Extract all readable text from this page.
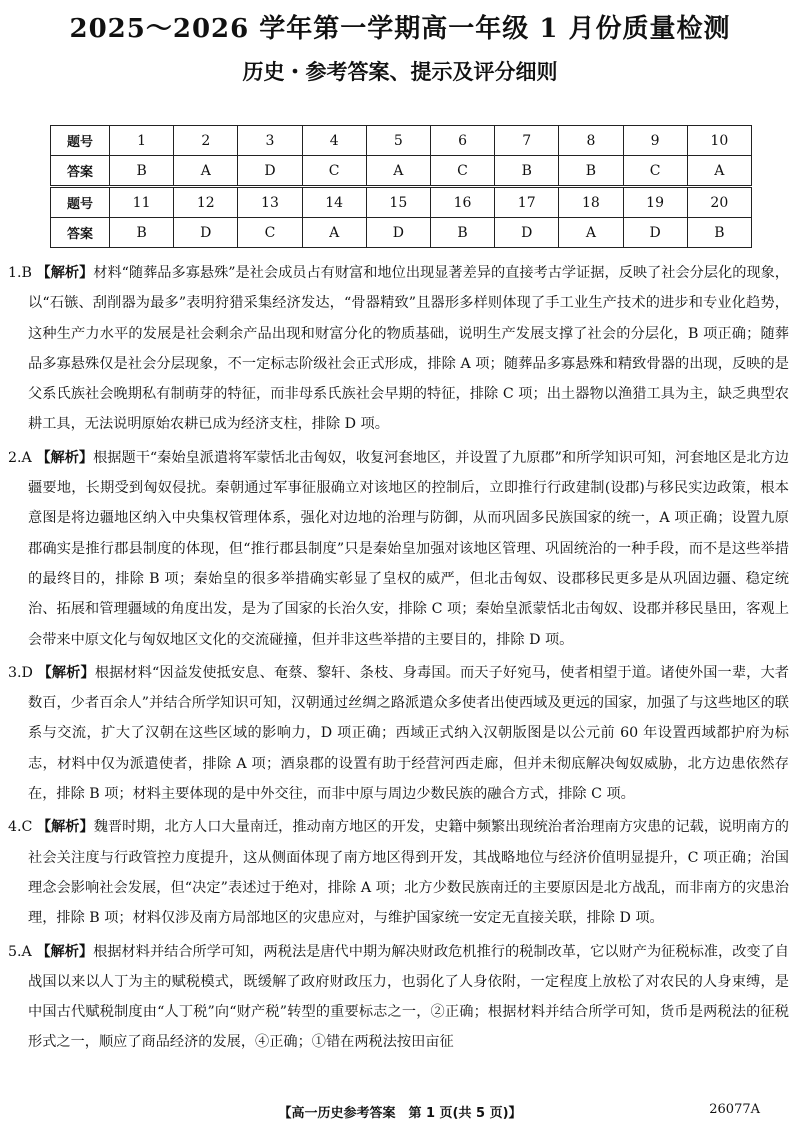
2025～2026 学年第一学期高一年级 1 月份质量检测
历史・参考答案、提示及评分细则
题号	1	2	3	4	5	6	7	8	9	10
答案	B	A	D	C	A	C	B	B	C	A
题号	11	12	13	14	15	16	17	18	19	20
答案	B	D	C	A	D	B	D	A	D	B
1.B 【解析】材料“随葬品多寡悬殊”是社会成员占有财富和地位出现显著差异的直接考古学证据，反映了社会分层化的现象，以“石镞、刮削器为最多”表明狩猎采集经济发达，“骨器精致”且器形多样则体现了手工业生产技术的进步和专业化趋势，这种生产力水平的发展是社会剩余产品出现和财富分化的物质基础，说明生产发展支撑了社会的分层化，B 项正确；随葬品多寡悬殊仅是社会分层现象，不一定标志阶级社会正式形成，排除 A 项；随葬品多寡悬殊和精致骨器的出现，反映的是父系氏族社会晚期私有制萌芽的特征，而非母系氏族社会早期的特征，排除 C 项；出土器物以渔猎工具为主，缺乏典型农耕工具，无法说明原始农耕已成为经济支柱，排除 D 项。
2.A 【解析】根据题干“秦始皇派遣将军蒙恬北击匈奴，收复河套地区，并设置了九原郡”和所学知识可知，河套地区是北方边疆要地，长期受到匈奴侵扰。秦朝通过军事征服确立对该地区的控制后，立即推行行政建制(设郡)与移民实边政策，根本意图是将边疆地区纳入中央集权管理体系，强化对边地的治理与防御，从而巩固多民族国家的统一，A 项正确；设置九原郡确实是推行郡县制度的体现，但“推行郡县制度”只是秦始皇加强对该地区管理、巩固统治的一种手段，而不是这些举措的最终目的，排除 B 项；秦始皇的很多举措确实彰显了皇权的威严，但北击匈奴、设郡移民更多是从巩固边疆、稳定统治、拓展和管理疆域的角度出发，是为了国家的长治久安，排除 C 项；秦始皇派蒙恬北击匈奴、设郡并移民垦田，客观上会带来中原文化与匈奴地区文化的交流碰撞，但并非这些举措的主要目的，排除 D 项。
3.D 【解析】根据材料“因益发使抵安息、奄蔡、黎轩、条枝、身毒国。而天子好宛马，使者相望于道。诸使外国一辈，大者数百，少者百余人”并结合所学知识可知，汉朝通过丝绸之路派遣众多使者出使西域及更远的国家，加强了与这些地区的联系与交流，扩大了汉朝在这些区域的影响力，D 项正确；西域正式纳入汉朝版图是以公元前 60 年设置西域都护府为标志，材料中仅为派遣使者，排除 A 项；酒泉郡的设置有助于经营河西走廊，但并未彻底解决匈奴威胁，北方边患依然存在，排除 B 项；材料主要体现的是中外交往，而非中原与周边少数民族的融合方式，排除 C 项。
4.C 【解析】魏晋时期，北方人口大量南迁，推动南方地区的开发，史籍中频繁出现统治者治理南方灾患的记载，说明南方的社会关注度与行政管控力度提升，这从侧面体现了南方地区得到开发，其战略地位与经济价值明显提升，C 项正确；治国理念会影响社会发展，但“决定”表述过于绝对，排除 A 项；北方少数民族南迁的主要原因是北方战乱，而非南方的灾患治理，排除 B 项；材料仅涉及南方局部地区的灾患应对，与维护国家统一安定无直接关联，排除 D 项。
5.A 【解析】根据材料并结合所学可知，两税法是唐代中期为解决财政危机推行的税制改革，它以财产为征税标准，改变了自战国以来以人丁为主的赋税模式，既缓解了政府财政压力，也弱化了人身依附，一定程度上放松了对农民的人身束缚，是中国古代赋税制度由“人丁税”向“财产税”转型的重要标志之一，②正确；根据材料并结合所学可知，货币是两税法的征税形式之一，顺应了商品经济的发展，④正确；①错在两税法按田亩征
【高一历史参考答案　第 1 页(共 5 页)】	26077A
